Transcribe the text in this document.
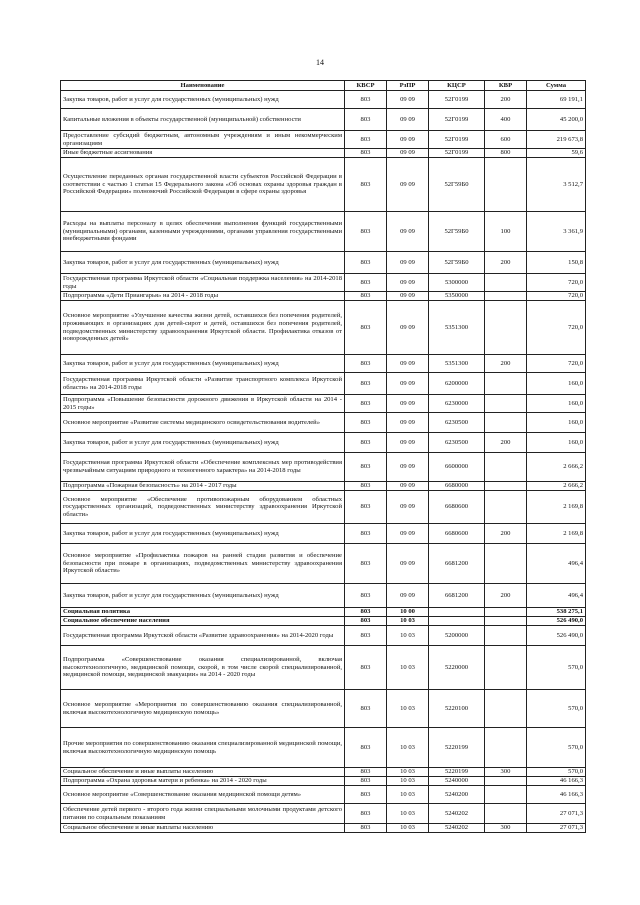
14
Наименование	КВСР	РзПР	КЦСР	КВР	Сумма
Закупка товаров, работ и услуг для государственных (муниципальных) нужд	803	09 09	52Г0199	200	69 191,1
Капитальные вложения в объекты государственной (муниципальной) собственности	803	09 09	52Г0199	400	45 200,0
Предоставление субсидий бюджетным, автономным учреждениям и иным некоммерческим организациям	803	09 09	52Г0199	600	219 673,8
Иные бюджетные ассигнования	803	09 09	52Г0199	800	59,6
Осуществление переданных органам государственной власти субъектов Российской Федерации в соответствии с частью 1 статьи 15 Федерального закона «Об основах охраны здоровья граждан в Российской Федерации» полномочий Российской Федерации в сфере охраны здоровья	803	09 09	52Г59Б0		3 512,7
Расходы на выплаты персоналу в целях обеспечения выполнения функций государственными (муниципальными) органами, казенными учреждениями, органами управления государственными внебюджетными фондами	803	09 09	52Г59Б0	100	3 361,9
Закупка товаров, работ и услуг для государственных (муниципальных) нужд	803	09 09	52Г59Б0	200	150,8
Государственная программа Иркутской области «Социальная поддержка населения» на 2014-2018 годы	803	09 09	5300000		720,0
Подпрограмма «Дети Приангарья» на 2014 - 2018 годы	803	09 09	5350000		720,0
Основное мероприятие «Улучшение качества жизни детей, оставшихся без попечения родителей, проживающих в организациях для детей-сирот и детей, оставшихся без попечения родителей, подведомственных министерству здравоохранения Иркутской области. Профилактика отказов от новорожденных детей»	803	09 09	5351300		720,0
Закупка товаров, работ и услуг для государственных (муниципальных) нужд	803	09 09	5351300	200	720,0
Государственная программа Иркутской области «Развитие транспортного комплекса Иркутской области» на 2014-2018 годы	803	09 09	6200000		160,0
Подпрограмма «Повышение безопасности дорожного движения в Иркутской области на 2014 - 2015 годы»	803	09 09	6230000		160,0
Основное мероприятие «Развитие системы медицинского освидетельствования водителей»	803	09 09	6230500		160,0
Закупка товаров, работ и услуг для государственных (муниципальных) нужд	803	09 09	6230500	200	160,0
Государственная программа Иркутской области «Обеспечение комплексных мер противодействия чрезвычайным ситуациям природного и техногенного характера» на 2014-2018 годы	803	09 09	6600000		2 666,2
Подпрограмма «Пожарная безопасность» на 2014 - 2017 годы	803	09 09	6680000		2 666,2
Основное мероприятие «Обеспечение противопожарным оборудованием областных государственных организаций, подведомственных министерству здравоохранения Иркутской области»	803	09 09	6680600		2 169,8
Закупка товаров, работ и услуг для государственных (муниципальных) нужд	803	09 09	6680600	200	2 169,8
Основное мероприятие «Профилактика пожаров на ранней стадии развития и обеспечение безопасности при пожаре в организациях, подведомственных министерству здравоохранения Иркутской области»	803	09 09	6681200		496,4
Закупка товаров, работ и услуг для государственных (муниципальных) нужд	803	09 09	6681200	200	496,4
Социальная политика	803	10 00			538 275,1
Социальное обеспечение населения	803	10 03			526 490,0
Государственная программа Иркутской области «Развитие здравоохранения» на 2014-2020 годы	803	10 03	5200000		526 490,0
Подпрограмма «Совершенствование оказания специализированной, включая высокотехнологичную, медицинской помощи, скорой, в том числе скорой специализированной, медицинской помощи, медицинской эвакуации» на 2014 - 2020 годы	803	10 03	5220000		570,0
Основное мероприятие «Мероприятия по совершенствованию оказания специализированной, включая высокотехнологичную медицинскую помощь»	803	10 03	5220100		570,0
Прочие мероприятия по совершенствованию оказания специализированной медицинской помощи, включая высокотехнологичную медицинскую помощь	803	10 03	5220199		570,0
Социальное обеспечение и иные выплаты населению	803	10 03	5220199	300	570,0
Подпрограмма «Охрана здоровья матери и ребенка» на 2014 - 2020 годы	803	10 03	5240000		46 166,3
Основное мероприятие «Совершенствование оказания медицинской помощи детям»	803	10 03	5240200		46 166,3
Обеспечение детей первого - второго года жизни специальными молочными продуктами детского питания по социальным показаниям	803	10 03	5240202		27 071,3
Социальное обеспечение и иные выплаты населению	803	10 03	5240202	300	27 071,3
